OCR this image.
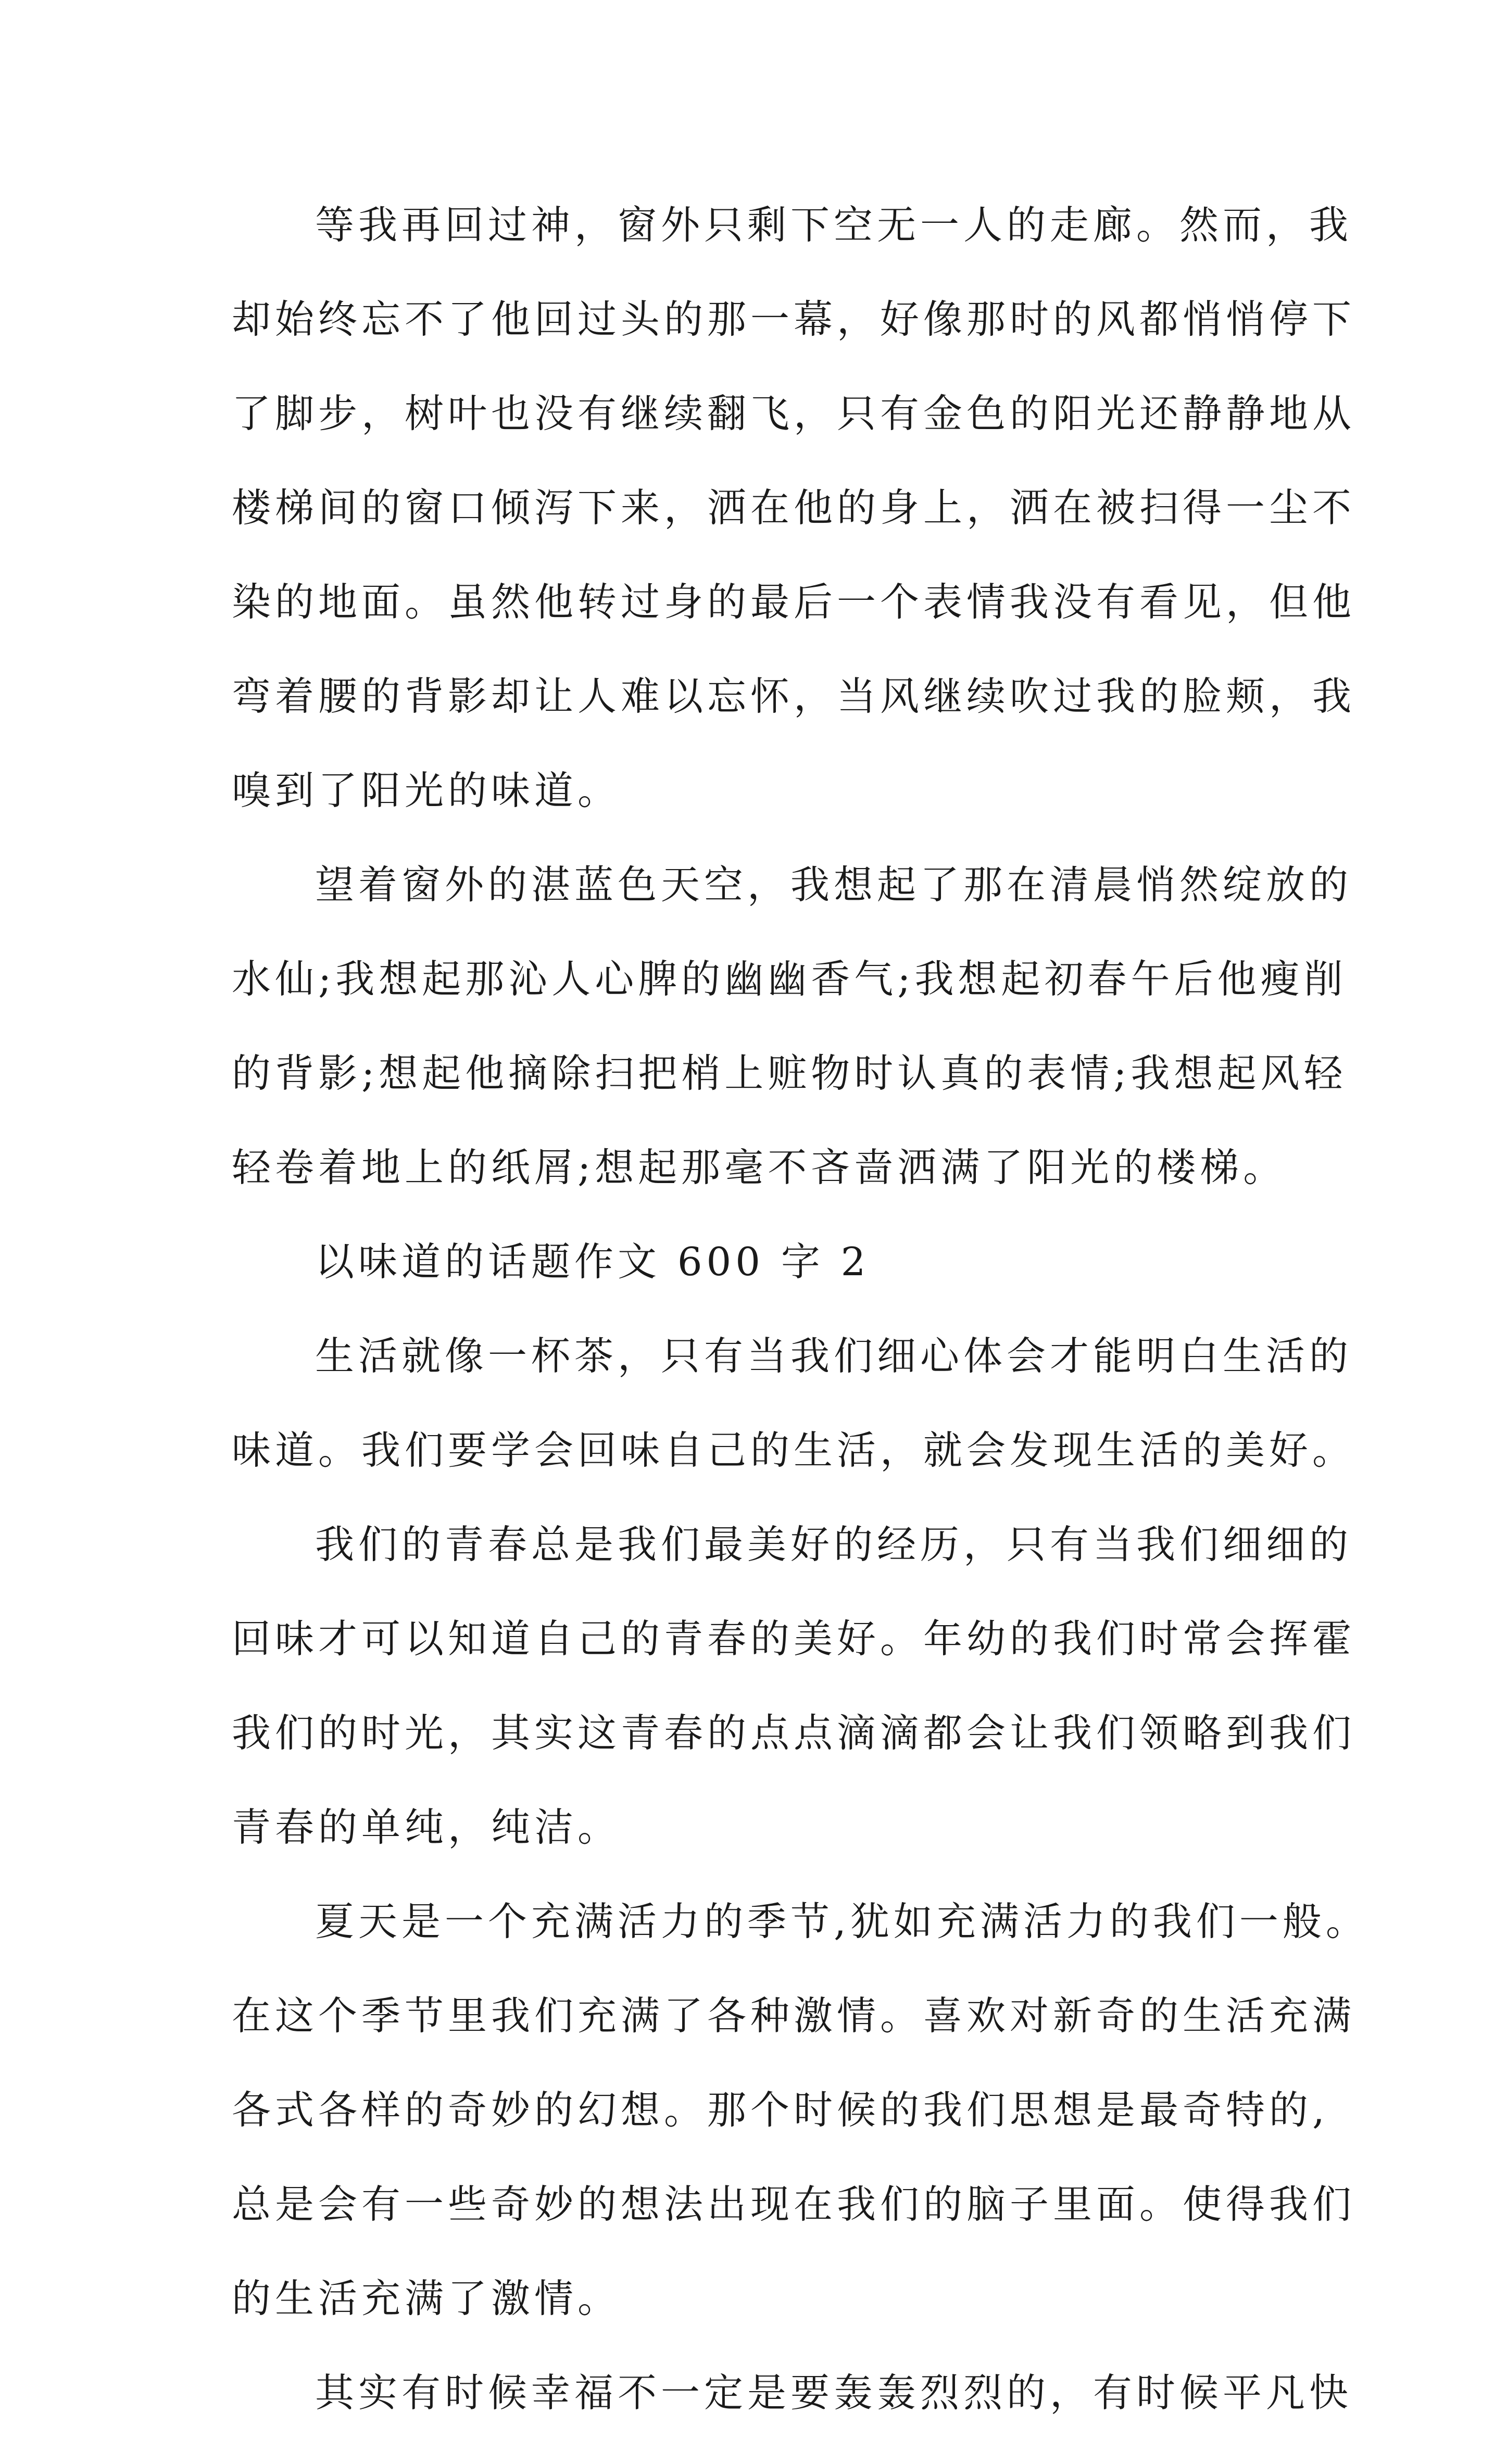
等我再回过神，窗外只剩下空无一人的走廊。然而，我
却始终忘不了他回过头的那一幕，好像那时的风都悄悄停下
了脚步，树叶也没有继续翻飞，只有金色的阳光还静静地从
楼梯间的窗口倾泻下来，洒在他的身上，洒在被扫得一尘不
染的地面。虽然他转过身的最后一个表情我没有看见，但他
弯着腰的背影却让人难以忘怀，当风继续吹过我的脸颊，我
嗅到了阳光的味道。
望着窗外的湛蓝色天空，我想起了那在清晨悄然绽放的
水仙;我想起那沁人心脾的幽幽香气;我想起初春午后他瘦削
的背影;想起他摘除扫把梢上赃物时认真的表情;我想起风轻
轻卷着地上的纸屑;想起那毫不吝啬洒满了阳光的楼梯。
以味道的话题作文 600 字 2
生活就像一杯茶，只有当我们细心体会才能明白生活的
味道。我们要学会回味自己的生活，就会发现生活的美好。
我们的青春总是我们最美好的经历，只有当我们细细的
回味才可以知道自己的青春的美好。年幼的我们时常会挥霍
我们的时光，其实这青春的点点滴滴都会让我们领略到我们
青春的单纯，纯洁。
夏天是一个充满活力的季节,犹如充满活力的我们一般。
在这个季节里我们充满了各种激情。喜欢对新奇的生活充满
各式各样的奇妙的幻想。那个时候的我们思想是最奇特的,
总是会有一些奇妙的想法出现在我们的脑子里面。使得我们
的生活充满了激情。
其实有时候幸福不一定是要轰轰烈烈的，有时候平凡快
